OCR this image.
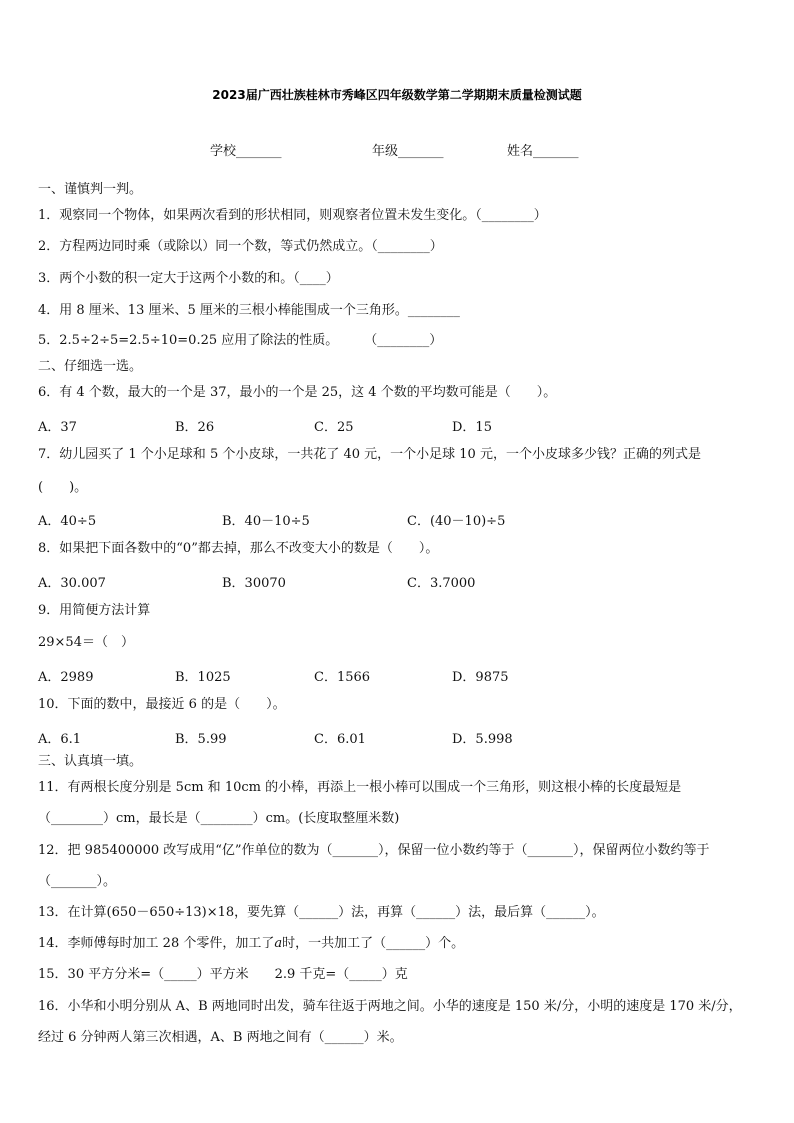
2023届广西壮族桂林市秀峰区四年级数学第二学期期末质量检测试题
学校_______	年级_______	姓名_______
一、谨慎判一判。
1．观察同一个物体，如果两次看到的形状相同，则观察者位置未发生变化。（________）
2．方程两边同时乘（或除以）同一个数，等式仍然成立。（________）
3．两个小数的积一定大于这两个小数的和。（____）
4．用 8 厘米、13 厘米、5 厘米的三根小棒能围成一个三角形。________
5．2.5÷2÷5=2.5÷10=0.25 应用了除法的性质。　　　（________）
二、仔细选一选。
6．有 4 个数，最大的一个是 37，最小的一个是 25，这 4 个数的平均数可能是（　　）。
A．37	B．26	C．25	D．15
7．幼儿园买了 1 个小足球和 5 个小皮球，一共花了 40 元，一个小足球 10 元，一个小皮球多少钱？正确的列式是
(　　)。
A．40÷5	B．40－10÷5	C．(40－10)÷5
8．如果把下面各数中的“0”都去掉，那么不改变大小的数是（　　）。
A．30.007	B．30070	C．3.7000
9．用简便方法计算
29×54＝（　）
A．2989	B．1025	C．1566	D．9875
10．下面的数中，最接近 6 的是（　　）。
A．6.1	B．5.99	C．6.01	D．5.998
三、认真填一填。
11．有两根长度分别是 5cm 和 10cm 的小棒，再添上一根小棒可以围成一个三角形，则这根小棒的长度最短是
（________）cm，最长是（________）cm。(长度取整厘米数)
12．把 985400000 改写成用“亿”作单位的数为（_______），保留一位小数约等于（_______），保留两位小数约等于
（_______）。
13．在计算(650－650÷13)×18，要先算（______）法，再算（______）法，最后算（______）。
14．李师傅每时加工 28 个零件，加工了a时，一共加工了（______）个。
15．30 平方分米=（_____）平方米　　2.9 千克=（_____）克
16．小华和小明分别从 A、B 两地同时出发，骑车往返于两地之间。小华的速度是 150 米/分，小明的速度是 170 米/分，
经过 6 分钟两人第三次相遇，A、B 两地之间有（______）米。
